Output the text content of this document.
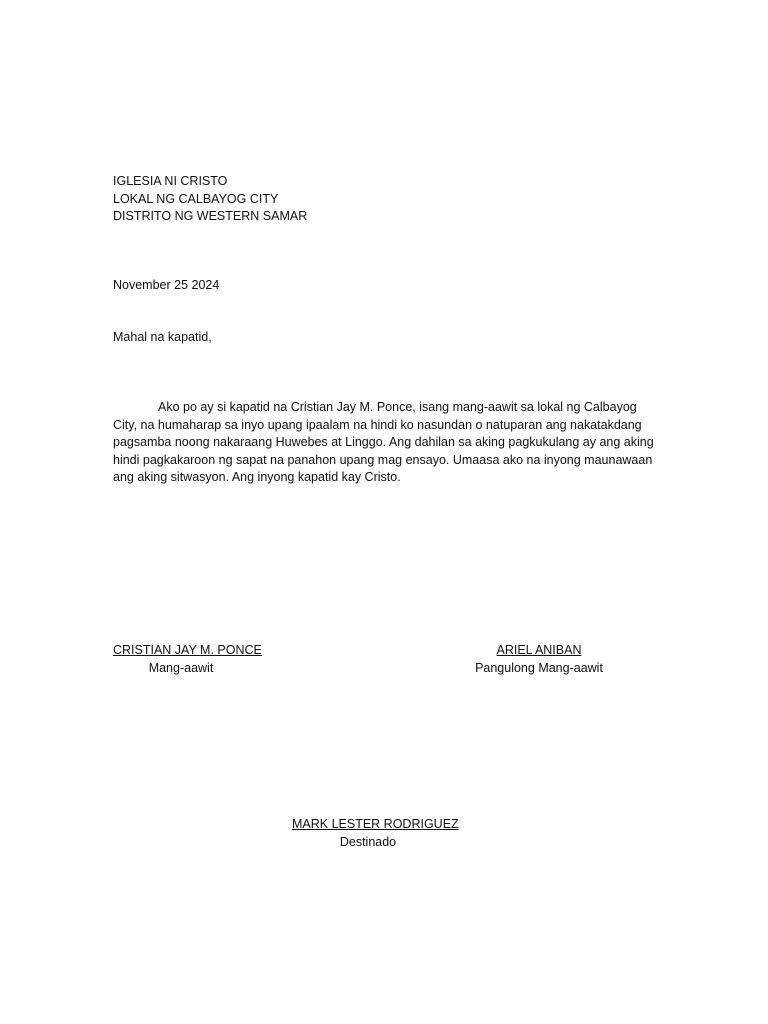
IGLESIA NI CRISTO
LOKAL NG CALBAYOG CITY
DISTRITO NG WESTERN SAMAR
November 25 2024
Mahal na kapatid,
Ako po ay si kapatid na Cristian Jay M. Ponce, isang mang-aawit sa lokal ng Calbayog
City, na humaharap sa inyo upang ipaalam na hindi ko nasundan o natuparan ang nakatakdang
pagsamba noong nakaraang Huwebes at Linggo. Ang dahilan sa aking pagkukulang ay ang aking
hindi pagkakaroon ng sapat na panahon upang mag ensayo. Umaasa ako na inyong maunawaan
ang aking sitwasyon. Ang inyong kapatid kay Cristo.
CRISTIAN JAY M. PONCE
Mang-aawit
ARIEL ANIBAN
Pangulong Mang-aawit
MARK LESTER RODRIGUEZ
Destinado
